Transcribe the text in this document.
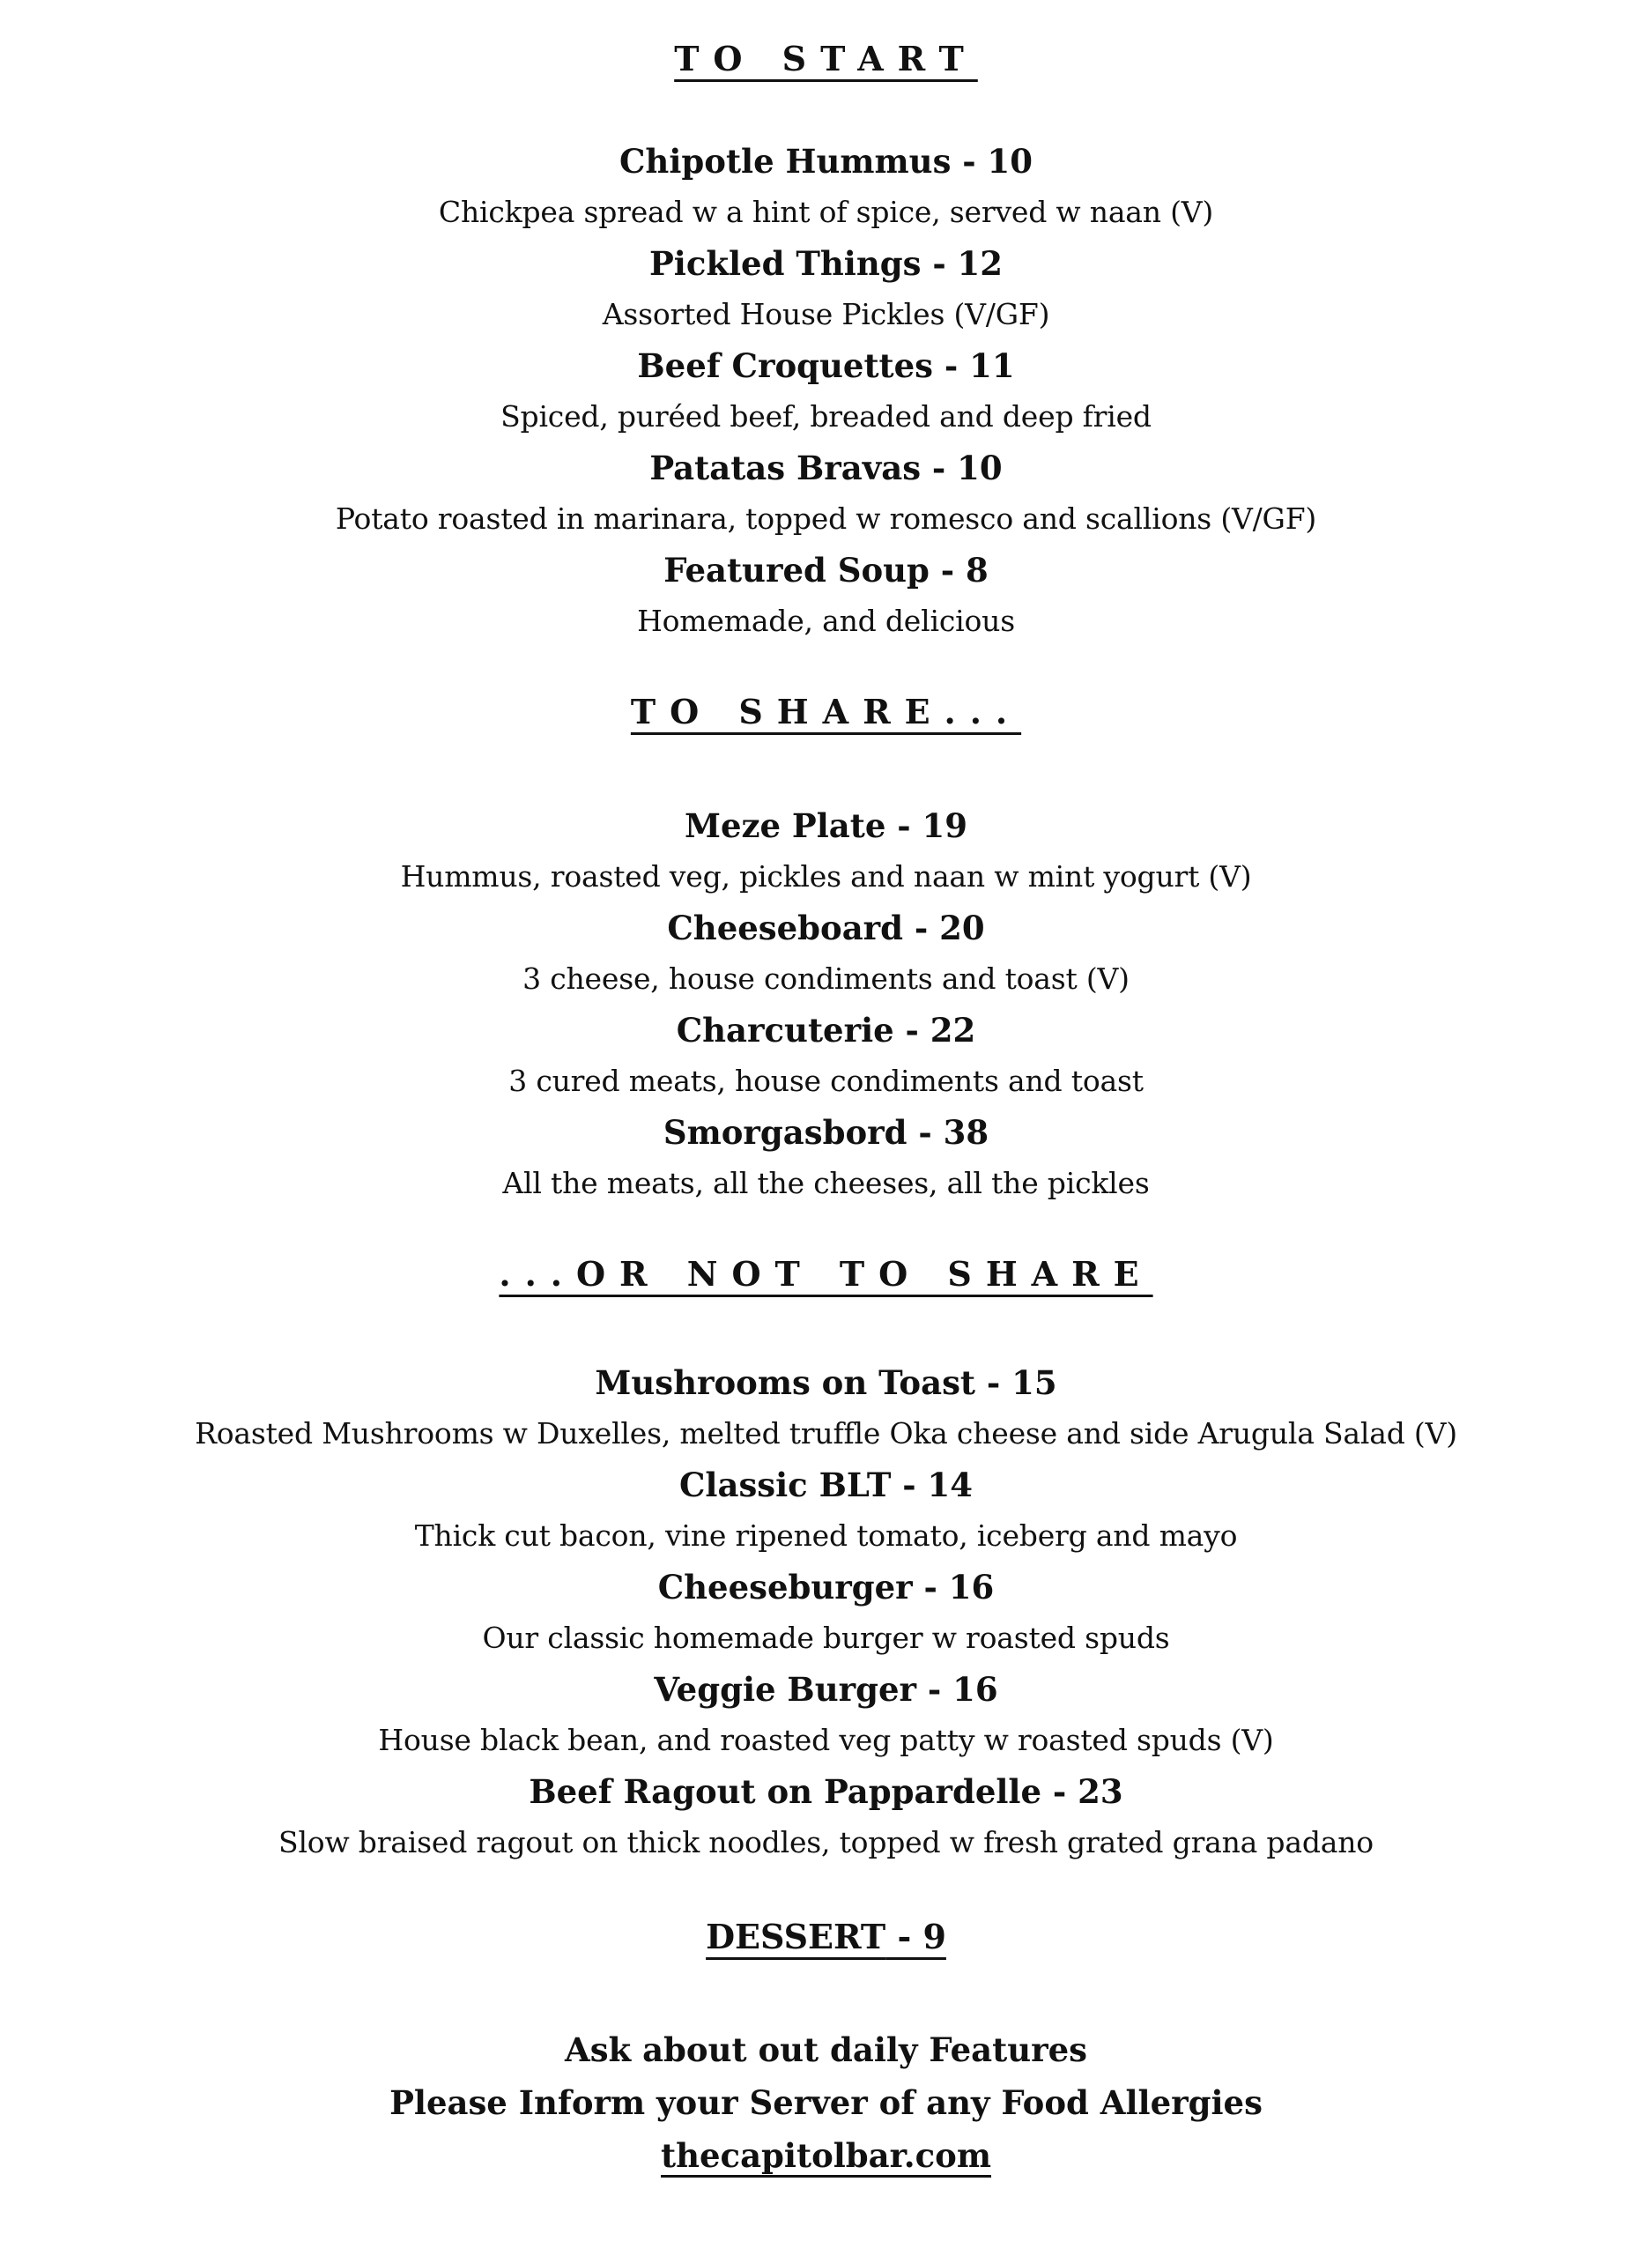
TO START
Chipotle Hummus - 10
Chickpea spread w a hint of spice, served w naan (V)
Pickled Things - 12
Assorted House Pickles (V/GF)
Beef Croquettes - 11
Spiced, puréed beef, breaded and deep fried
Patatas Bravas - 10
Potato roasted in marinara, topped w romesco and scallions (V/GF)
Featured Soup - 8
Homemade, and delicious
TO SHARE...
Meze Plate - 19
Hummus, roasted veg, pickles and naan w mint yogurt (V)
Cheeseboard - 20
3 cheese, house condiments and toast (V)
Charcuterie - 22
3 cured meats, house condiments and toast
Smorgasbord - 38
All the meats, all the cheeses, all the pickles
...OR NOT TO SHARE
Mushrooms on Toast - 15
Roasted Mushrooms w Duxelles, melted truffle Oka cheese and side Arugula Salad (V)
Classic BLT - 14
Thick cut bacon, vine ripened tomato, iceberg and mayo
Cheeseburger - 16
Our classic homemade burger w roasted spuds
Veggie Burger - 16
House black bean, and roasted veg patty w roasted spuds (V)
Beef Ragout on Pappardelle - 23
Slow braised ragout on thick noodles, topped w fresh grated grana padano
DESSERT - 9
Ask about out daily Features
Please Inform your Server of any Food Allergies
thecapitolbar.com
